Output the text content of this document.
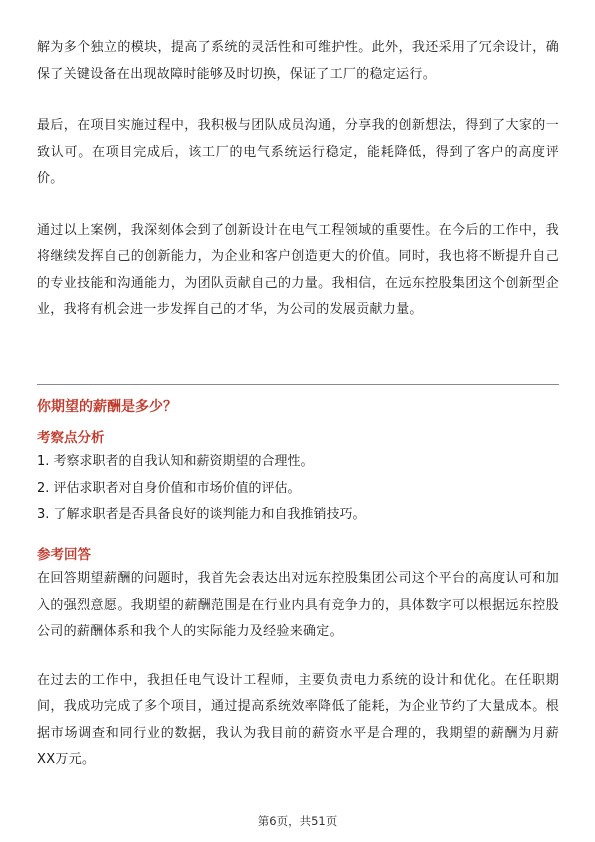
解为多个独立的模块，提高了系统的灵活性和可维护性。此外，我还采用了冗余设计，确保了关键设备在出现故障时能够及时切换，保证了工厂的稳定运行。

最后，在项目实施过程中，我积极与团队成员沟通，分享我的创新想法，得到了大家的一致认可。在项目完成后，该工厂的电气系统运行稳定，能耗降低，得到了客户的高度评价。

通过以上案例，我深刻体会到了创新设计在电气工程领域的重要性。在今后的工作中，我将继续发挥自己的创新能力，为企业和客户创造更大的价值。同时，我也将不断提升自己的专业技能和沟通能力，为团队贡献自己的力量。我相信，在远东控股集团这个创新型企业，我将有机会进一步发挥自己的才华，为公司的发展贡献力量。

你期望的薪酬是多少？

考察点分析

1. 考察求职者的自我认知和薪资期望的合理性。

2. 评估求职者对自身价值和市场价值的评估。

3. 了解求职者是否具备良好的谈判能力和自我推销技巧。

参考回答

在回答期望薪酬的问题时，我首先会表达出对远东控股集团公司这个平台的高度认可和加入的强烈意愿。我期望的薪酬范围是在行业内具有竞争力的，具体数字可以根据远东控股公司的薪酬体系和我个人的实际能力及经验来确定。

在过去的工作中，我担任电气设计工程师，主要负责电力系统的设计和优化。在任职期间，我成功完成了多个项目，通过提高系统效率降低了能耗，为企业节约了大量成本。根据市场调查和同行业的数据，我认为我目前的薪资水平是合理的，我期望的薪酬为月薪XX万元。

第6页，共51页
